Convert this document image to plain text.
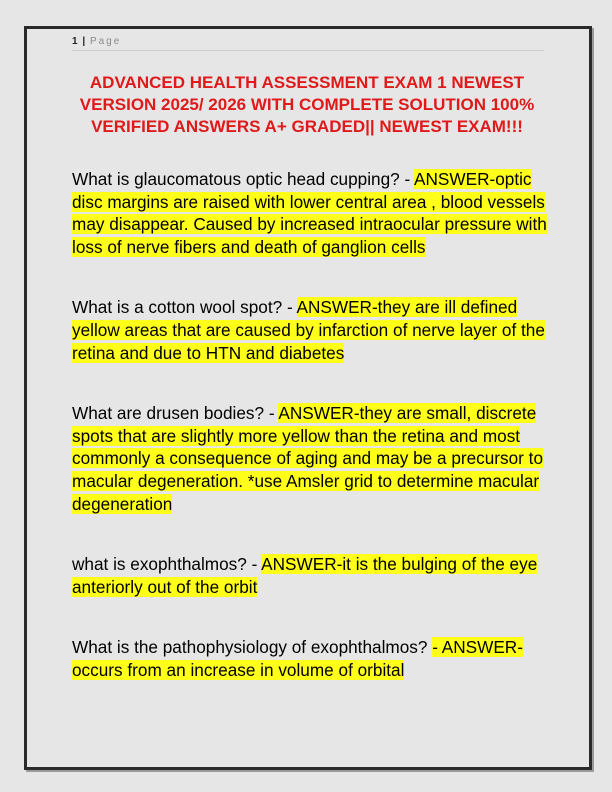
1 | Page
ADVANCED HEALTH ASSESSMENT EXAM 1 NEWEST VERSION 2025/ 2026 WITH COMPLETE SOLUTION 100% VERIFIED ANSWERS A+ GRADED|| NEWEST EXAM!!!

What is glaucomatous optic head cupping? - ANSWER-optic disc margins are raised with lower central area , blood vessels may disappear. Caused by increased intraocular pressure with loss of nerve fibers and death of ganglion cells

What is a cotton wool spot? - ANSWER-they are ill defined yellow areas that are caused by infarction of nerve layer of the retina and due to HTN and diabetes

What are drusen bodies? - ANSWER-they are small, discrete spots that are slightly more yellow than the retina and most commonly a consequence of aging and may be a precursor to macular degeneration. *use Amsler grid to determine macular degeneration

what is exophthalmos? - ANSWER-it is the bulging of the eye anteriorly out of the orbit

What is the pathophysiology of exophthalmos? - ANSWER-occurs from an increase in volume of orbital
